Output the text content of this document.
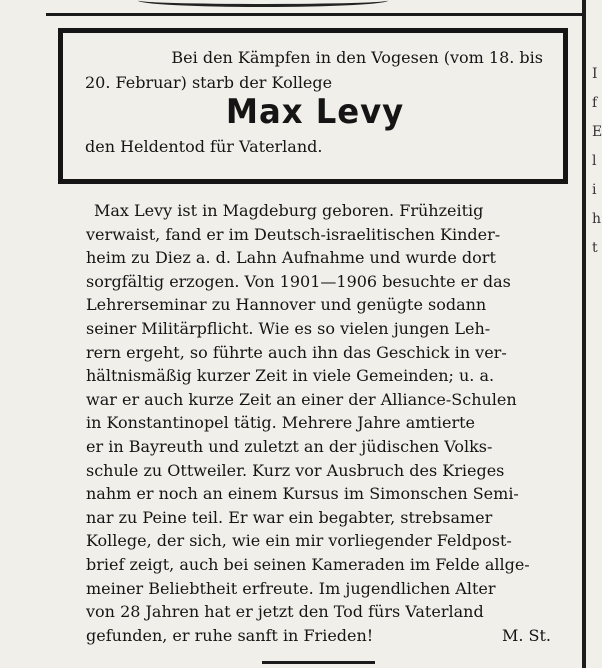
I
f
E
l
i
h
t

Bei den Kämpfen in den Vogesen (vom 18. bis

20. Februar) starb der Kollege

Max Levy

den Heldentod für Vaterland.

Max Levy ist in Magdeburg geboren. Frühzeitig

verwaist, fand er im Deutsch-israelitischen Kinder-

heim zu Diez a. d. Lahn Aufnahme und wurde dort

sorgfältig erzogen. Von 1901—1906 besuchte er das

Lehrerseminar zu Hannover und genügte sodann

seiner Militärpflicht. Wie es so vielen jungen Leh-

rern ergeht, so führte auch ihn das Geschick in ver-

hältnismäßig kurzer Zeit in viele Gemeinden; u. a.

war er auch kurze Zeit an einer der Alliance-Schulen

in Konstantinopel tätig. Mehrere Jahre amtierte

er in Bayreuth und zuletzt an der jüdischen Volks-

schule zu Ottweiler. Kurz vor Ausbruch des Krieges

nahm er noch an einem Kursus im Simonschen Semi-

nar zu Peine teil. Er war ein begabter, strebsamer

Kollege, der sich, wie ein mir vorliegender Feldpost-

brief zeigt, auch bei seinen Kameraden im Felde allge-

meiner Beliebtheit erfreute. Im jugendlichen Alter

von 28 Jahren hat er jetzt den Tod fürs Vaterland

gefunden, er ruhe sanft in Frieden!	M. St.
